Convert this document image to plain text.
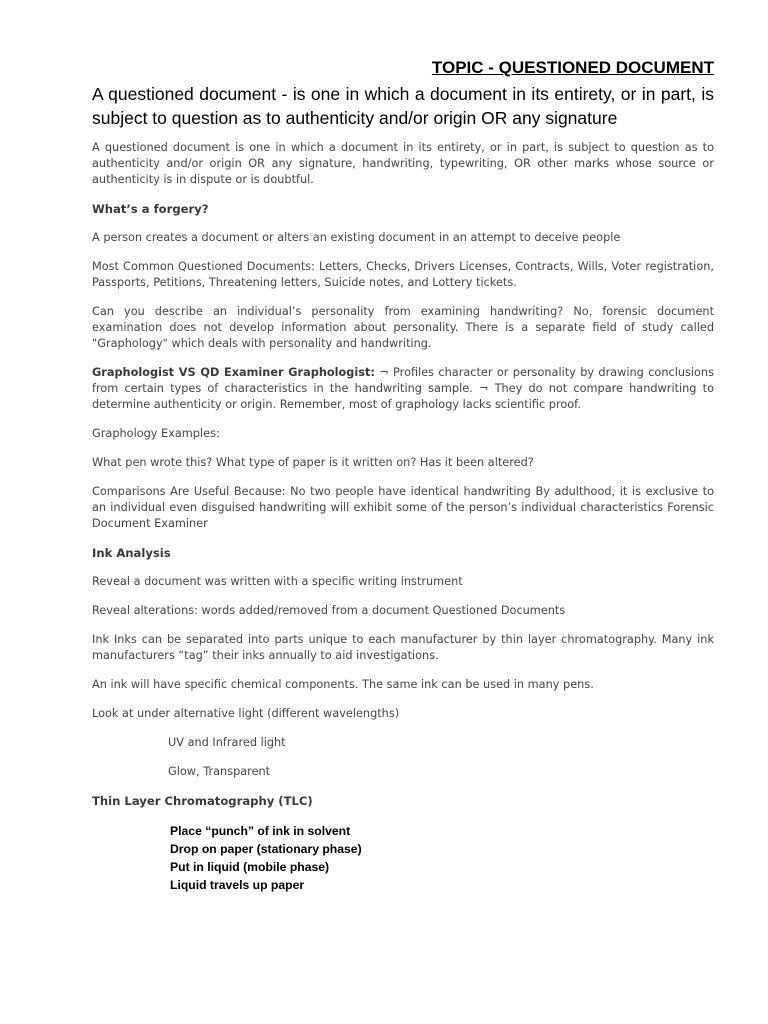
TOPIC - QUESTIONED DOCUMENT

A questioned document - is one in which a document in its entirety, or in part, is subject to question as to authenticity and/or origin OR any signature

A questioned document is one in which a document in its entirety, or in part, is subject to question as to authenticity and/or origin OR any signature, handwriting, typewriting, OR other marks whose source or authenticity is in dispute or is doubtful.

What’s a forgery?

A person creates a document or alters an existing document in an attempt to deceive people

Most Common Questioned Documents: Letters, Checks, Drivers Licenses, Contracts, Wills, Voter registration, Passports, Petitions, Threatening letters, Suicide notes, and Lottery tickets.

Can you describe an individual’s personality from examining handwriting? No, forensic document examination does not develop information about personality. There is a separate field of study called "Graphology" which deals with personality and handwriting.

Graphologist VS QD Examiner Graphologist: ¬ Profiles character or personality by drawing conclusions from certain types of characteristics in the handwriting sample. ¬ They do not compare handwriting to determine authenticity or origin. Remember, most of graphology lacks scientific proof.

Graphology Examples:

What pen wrote this? What type of paper is it written on? Has it been altered?

Comparisons Are Useful Because: No two people have identical handwriting By adulthood, it is exclusive to an individual even disguised handwriting will exhibit some of the person’s individual characteristics Forensic Document Examiner

Ink Analysis

Reveal a document was written with a specific writing instrument

Reveal alterations: words added/removed from a document Questioned Documents

Ink Inks can be separated into parts unique to each manufacturer by thin layer chromatography. Many ink manufacturers “tag” their inks annually to aid investigations.

An ink will have specific chemical components. The same ink can be used in many pens.

Look at under alternative light (different wavelengths)

UV and Infrared light

Glow, Transparent

Thin Layer Chromatography (TLC)

Place “punch” of ink in solvent
Drop on paper (stationary phase)
Put in liquid (mobile phase)
Liquid travels up paper
